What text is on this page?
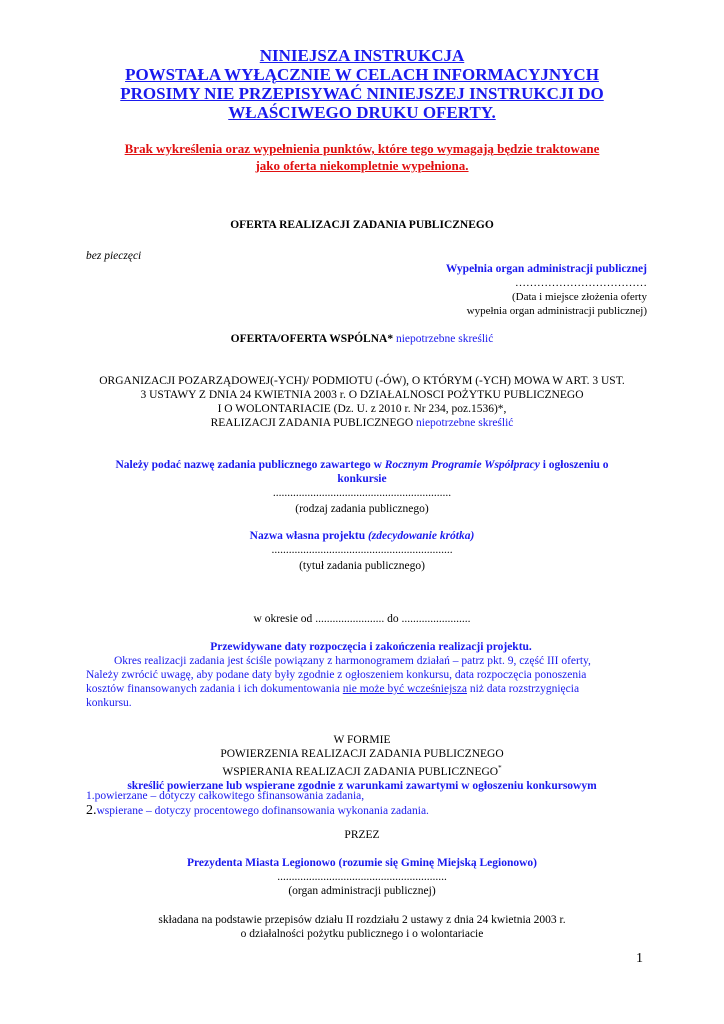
NINIEJSZA INSTRUKCJA
POWSTAŁA WYŁĄCZNIE W CELACH INFORMACYJNYCH
PROSIMY NIE PRZEPISYWAĆ NINIEJSZEJ INSTRUKCJI DO
WŁAŚCIWEGO DRUKU OFERTY.
Brak wykreślenia oraz wypełnienia punktów, które tego wymagają będzie traktowane
jako oferta niekompletnie wypełniona.
OFERTA REALIZACJI ZADANIA PUBLICZNEGO
bez pieczęci
Wypełnia organ administracji publicznej
………………………………
(Data i miejsce złożenia oferty
wypełnia organ administracji publicznej)
OFERTA/OFERTA WSPÓLNA* niepotrzebne skreślić
ORGANIZACJI POZARZĄDOWEJ(-YCH)/ PODMIOTU (-ÓW), O KTÓRYM (-YCH) MOWA W ART. 3 UST.
3 USTAWY Z DNIA 24 KWIETNIA 2003 r. O DZIAŁALNOSCI POŻYTKU PUBLICZNEGO
I O WOLONTARIACIE (Dz. U. z 2010 r. Nr 234, poz.1536)*,
REALIZACJI ZADANIA PUBLICZNEGO niepotrzebne skreślić
Należy podać nazwę zadania publicznego zawartego w Rocznym Programie Współpracy i ogłoszeniu o
konkursie
..............................................................
(rodzaj zadania publicznego)
Nazwa własna projektu (zdecydowanie krótka)
...............................................................
(tytuł zadania publicznego)
w okresie od ........................ do ........................
Przewidywane daty rozpoczęcia i zakończenia realizacji projektu.
Okres realizacji zadania jest ściśle powiązany z harmonogramem działań – patrz pkt. 9, część III oferty,
Należy zwrócić uwagę, aby podane daty były zgodnie z ogłoszeniem konkursu, data rozpoczęcia ponoszenia
kosztów finansowanych zadania i ich dokumentowania nie może być wcześniejsza niż data rozstrzygnięcia
konkursu.
W FORMIE
POWIERZENIA REALIZACJI ZADANIA PUBLICZNEGO
WSPIERANIA REALIZACJI ZADANIA PUBLICZNEGO*
skreślić powierzane lub wspierane zgodnie z warunkami zawartymi w ogłoszeniu konkursowym
1.powierzane – dotyczy całkowitego sfinansowania zadania,
2.wspierane – dotyczy procentowego dofinansowania wykonania zadania.
PRZEZ
Prezydenta Miasta Legionowo (rozumie się Gminę Miejską Legionowo)
...........................................................
(organ administracji publicznej)
składana na podstawie przepisów działu II rozdziału 2 ustawy z dnia 24 kwietnia 2003 r.
o działalności pożytku publicznego i o wolontariacie
1
